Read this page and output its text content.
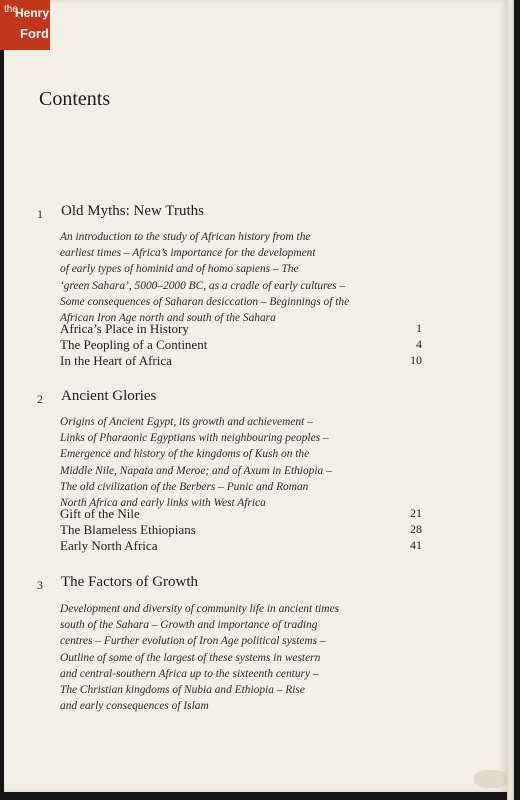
the
Henry
Ford
Contents
1 Old Myths: New Truths
An introduction to the study of African history from the
earliest times – Africa’s importance for the development
of early types of hominid and of homo sapiens – The
‘green Sahara’, 5000–2000 BC, as a cradle of early cultures –
Some consequences of Saharan desiccation – Beginnings of the
African Iron Age north and south of the Sahara
Africa’s Place in History	1
The Peopling of a Continent	4
In the Heart of Africa	10
2 Ancient Glories
Origins of Ancient Egypt, its growth and achievement –
Links of Pharaonic Egyptians with neighbouring peoples –
Emergence and history of the kingdoms of Kush on the
Middle Nile, Napata and Meroe; and of Axum in Ethiopia –
The old civilization of the Berbers – Punic and Roman
North Africa and early links with West Africa
Gift of the Nile	21
The Blameless Ethiopians	28
Early North Africa	41
3 The Factors of Growth
Development and diversity of community life in ancient times
south of the Sahara – Growth and importance of trading
centres – Further evolution of Iron Age political systems –
Outline of some of the largest of these systems in western
and central-southern Africa up to the sixteenth century –
The Christian kingdoms of Nubia and Ethiopia – Rise
and early consequences of Islam
